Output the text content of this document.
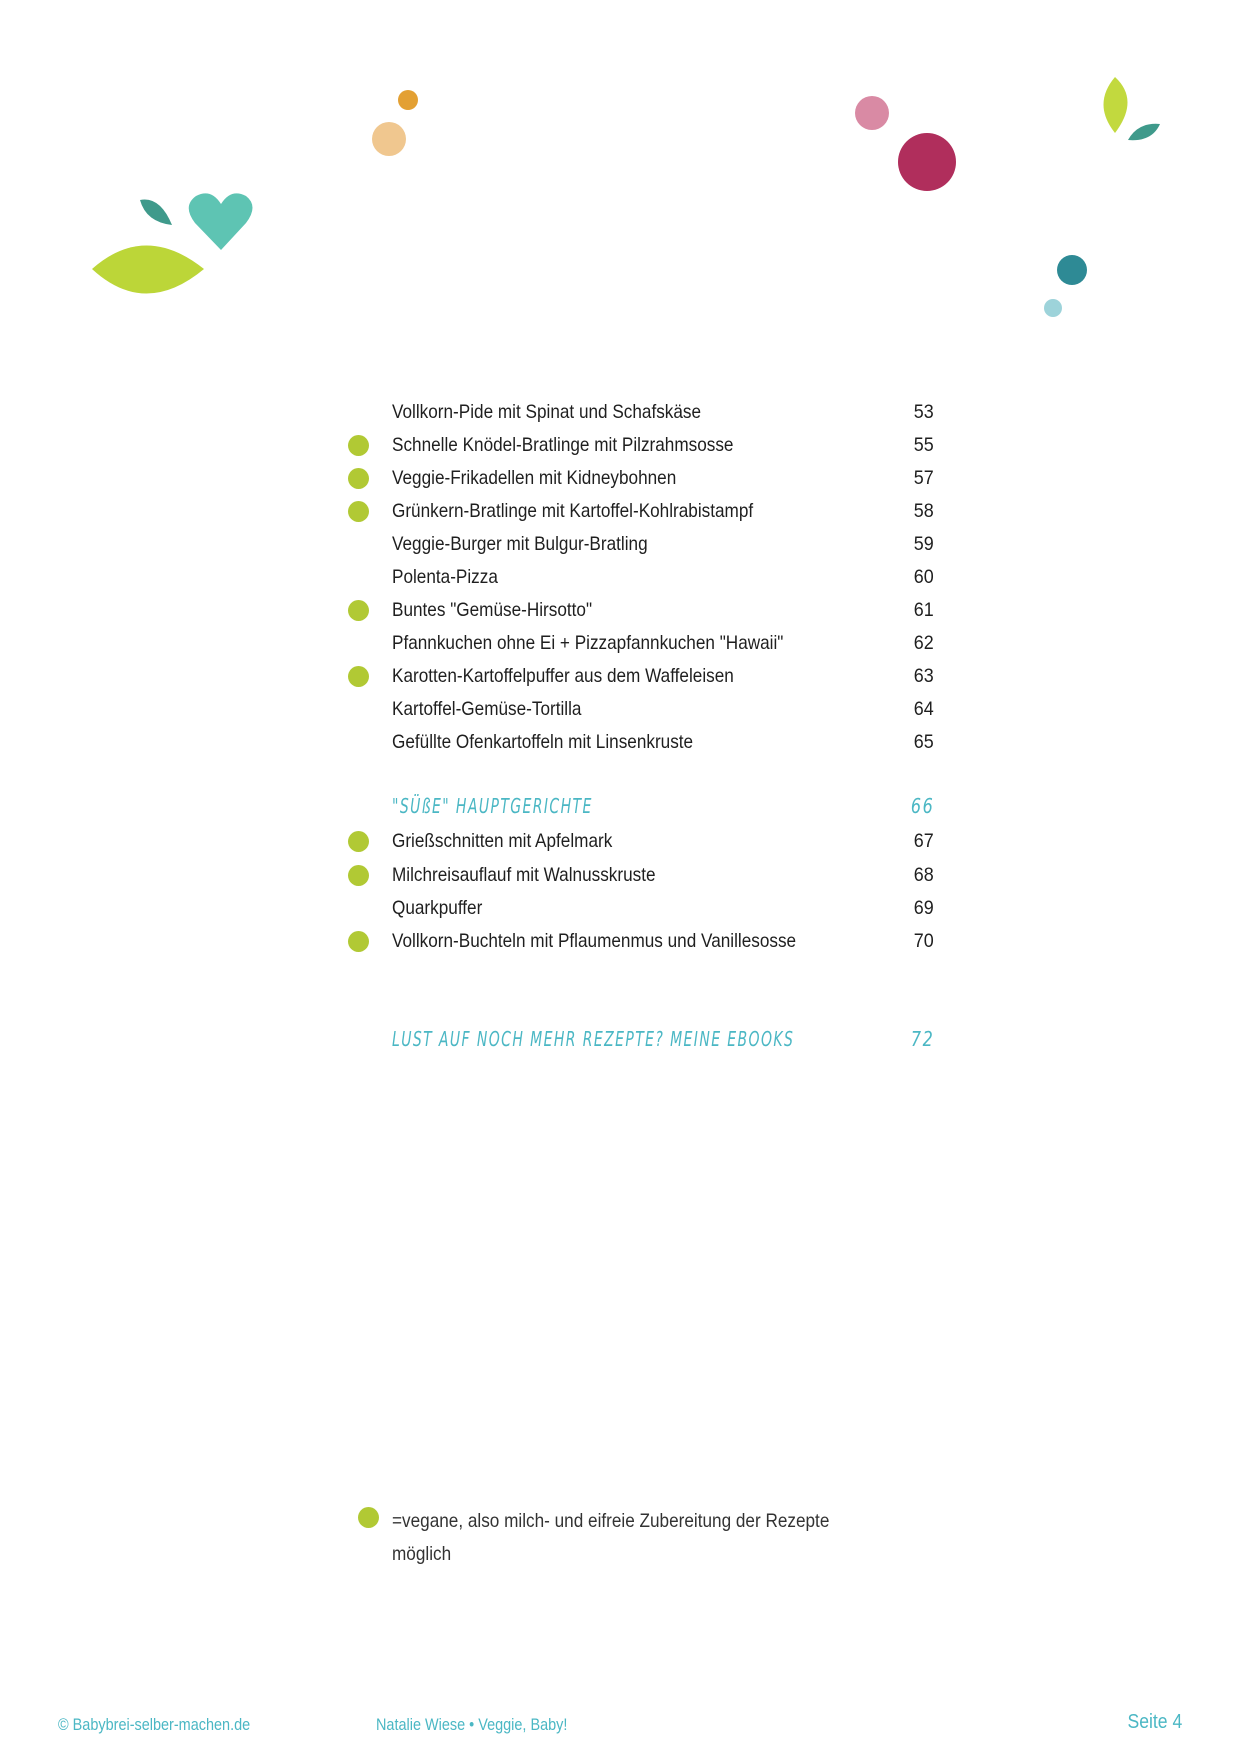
Vollkorn-Pide mit Spinat und Schafskäse	53
Schnelle Knödel-Bratlinge mit Pilzrahmsosse	55
Veggie-Frikadellen mit Kidneybohnen	57
Grünkern-Bratlinge mit Kartoffel-Kohlrabistampf	58
Veggie-Burger mit Bulgur-Bratling	59
Polenta-Pizza	60
Buntes "Gemüse-Hirsotto"	61
Pfannkuchen ohne Ei + Pizzapfannkuchen "Hawaii"	62
Karotten-Kartoffelpuffer aus dem Waffeleisen	63
Kartoffel-Gemüse-Tortilla	64
Gefüllte Ofenkartoffeln mit Linsenkruste	65
"SÜßE" HAUPTGERICHTE	66
Grießschnitten mit Apfelmark	67
Milchreisauflauf mit Walnusskruste	68
Quarkpuffer	69
Vollkorn-Buchteln mit Pflaumenmus und Vanillesosse	70
LUST AUF NOCH MEHR REZEPTE? MEINE EBOOKS	72
=vegane, also milch- und eifreie Zubereitung der Rezepte möglich
© Babybrei-selber-machen.de	Natalie Wiese • Veggie, Baby!	Seite 4
